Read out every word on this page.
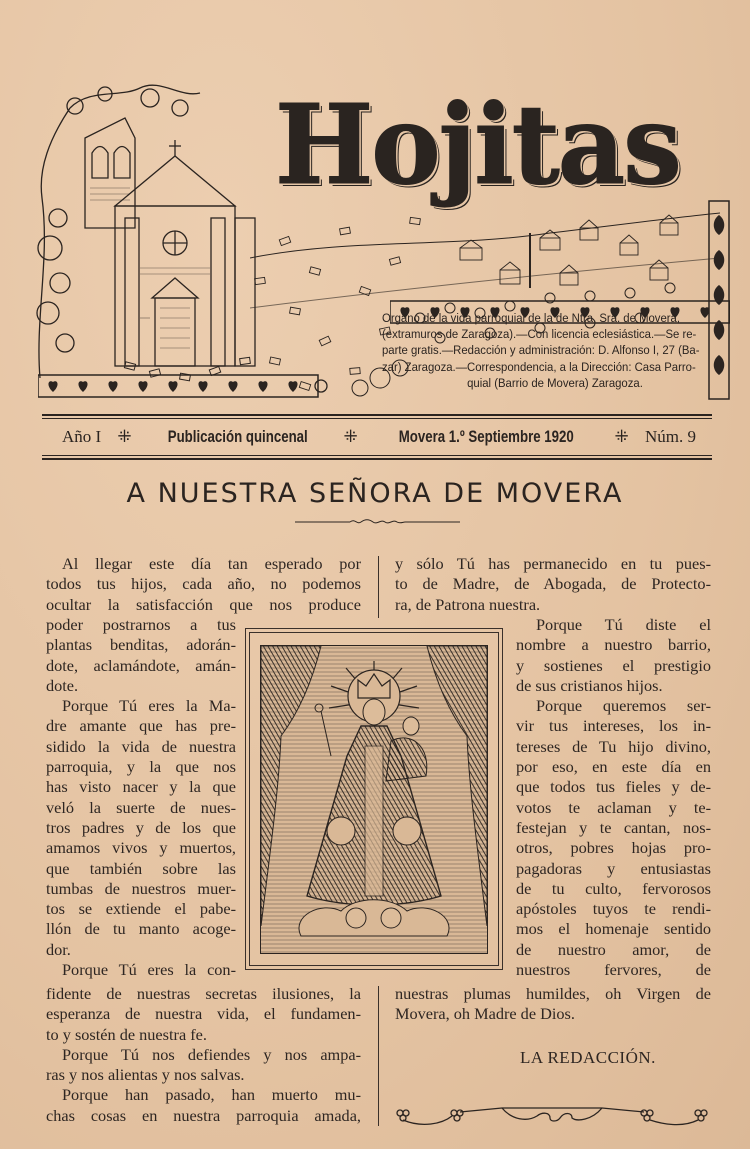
Hojitas

Organo de la vida parroquial de la de Ntra. Sra. de Movera,

(extramuros de Zaragoza).—Con licencia eclesiástica.—Se re-

parte gratis.—Redacción y administración: D. Alfonso I, 27 (Ba-

zar) Zaragoza.—Correspondencia, a la Dirección: Casa Parro-

quial (Barrio de Movera) Zaragoza.

Año I ⁜ Publicación quincenal ⁜ Movera 1.º Septiembre 1920 ⁜ Núm. 9
A NUESTRA SEÑORA DE MOVERA
Al llegar este día tan esperado por
todos tus hijos, cada año, no podemos
ocultar la satisfacción que nos produce
poder postrarnos a tus
plantas benditas, adorán-
dote, aclamándote, amán-
dote.
Porque Tú eres la Ma-
dre amante que has pre-
sidido la vida de nuestra
parroquia, y la que nos
has visto nacer y la que
veló la suerte de nues-
tros padres y de los que
amamos vivos y muertos,
que también sobre las
tumbas de nuestros muer-
tos se extiende el pabe-
llón de tu manto acoge-
dor.
Porque Tú eres la con-
fidente de nuestras secretas ilusiones, la
esperanza de nuestra vida, el fundamen-
to y sostén de nuestra fe.
Porque Tú nos defiendes y nos ampa-
ras y nos alientas y nos salvas.
Porque han pasado, han muerto mu-
chas cosas en nuestra parroquia amada,
y sólo Tú has permanecido en tu pues-
to de Madre, de Abogada, de Protecto-
ra, de Patrona nuestra.
Porque Tú diste el
nombre a nuestro barrio,
y sostienes el prestigio
de sus cristianos hijos.
Porque queremos ser-
vir tus intereses, los in-
tereses de Tu hijo divino,
por eso, en este día en
que todos tus fieles y de-
votos te aclaman y te-
festejan y te cantan, nos-
otros, pobres hojas pro-
pagadoras y entusiastas
de tu culto, fervorosos
apóstoles tuyos te rendi-
mos el homenaje sentido
de nuestro amor, de
nuestros fervores, de
nuestras plumas humildes, oh Virgen de
Movera, oh Madre de Dios.
LA REDACCIÓN.
